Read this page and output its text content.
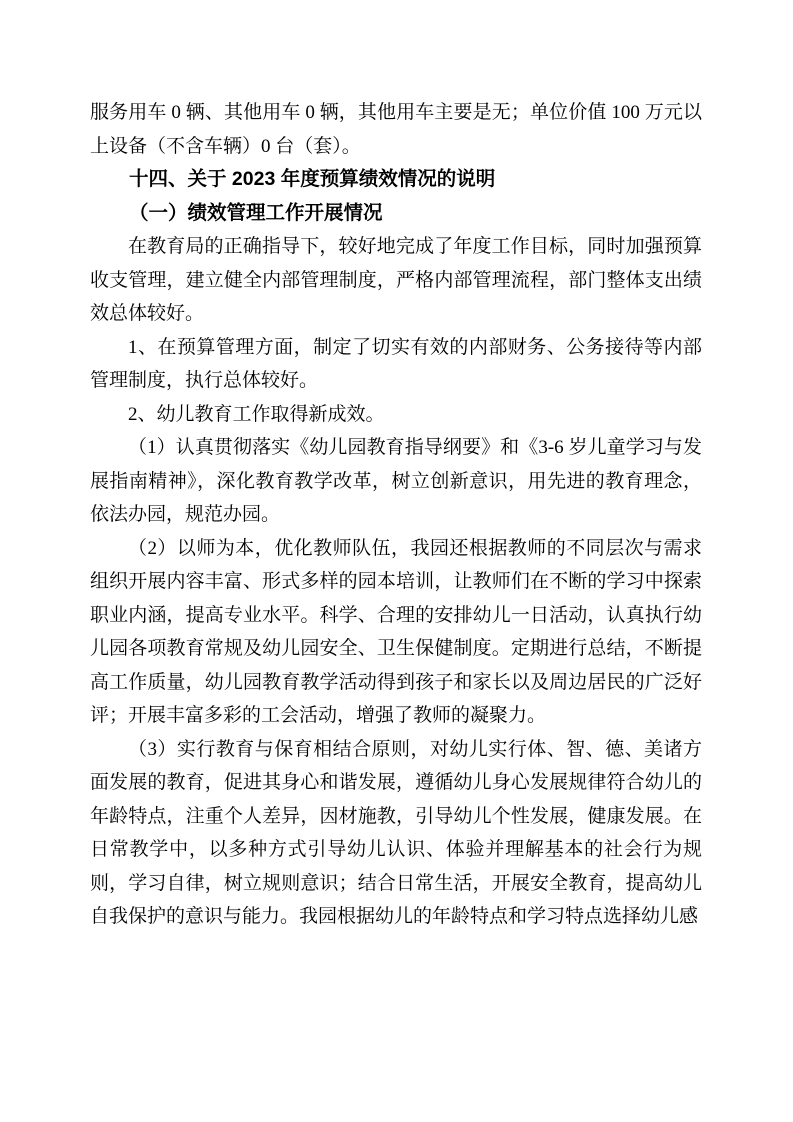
服务用车 0 辆、其他用车 0 辆，其他用车主要是无；单位价值 100 万元以上设备（不含车辆）0 台（套）。

十四、关于 2023 年度预算绩效情况的说明

（一）绩效管理工作开展情况

在教育局的正确指导下，较好地完成了年度工作目标，同时加强预算收支管理，建立健全内部管理制度，严格内部管理流程，部门整体支出绩效总体较好。

1、在预算管理方面，制定了切实有效的内部财务、公务接待等内部管理制度，执行总体较好。

2、幼儿教育工作取得新成效。

（1）认真贯彻落实《幼儿园教育指导纲要》和《3-6 岁儿童学习与发展指南精神》，深化教育教学改革，树立创新意识，用先进的教育理念，依法办园，规范办园。

（2）以师为本，优化教师队伍，我园还根据教师的不同层次与需求组织开展内容丰富、形式多样的园本培训，让教师们在不断的学习中探索职业内涵，提高专业水平。科学、合理的安排幼儿一日活动，认真执行幼儿园各项教育常规及幼儿园安全、卫生保健制度。定期进行总结，不断提高工作质量，幼儿园教育教学活动得到孩子和家长以及周边居民的广泛好评；开展丰富多彩的工会活动，增强了教师的凝聚力。

（3）实行教育与保育相结合原则，对幼儿实行体、智、德、美诸方面发展的教育，促进其身心和谐发展，遵循幼儿身心发展规律符合幼儿的年龄特点，注重个人差异，因材施教，引导幼儿个性发展，健康发展。在日常教学中，以多种方式引导幼儿认识、体验并理解基本的社会行为规则，学习自律，树立规则意识；结合日常生活，开展安全教育，提高幼儿自我保护的意识与能力。我园根据幼儿的年龄特点和学习特点选择幼儿感
